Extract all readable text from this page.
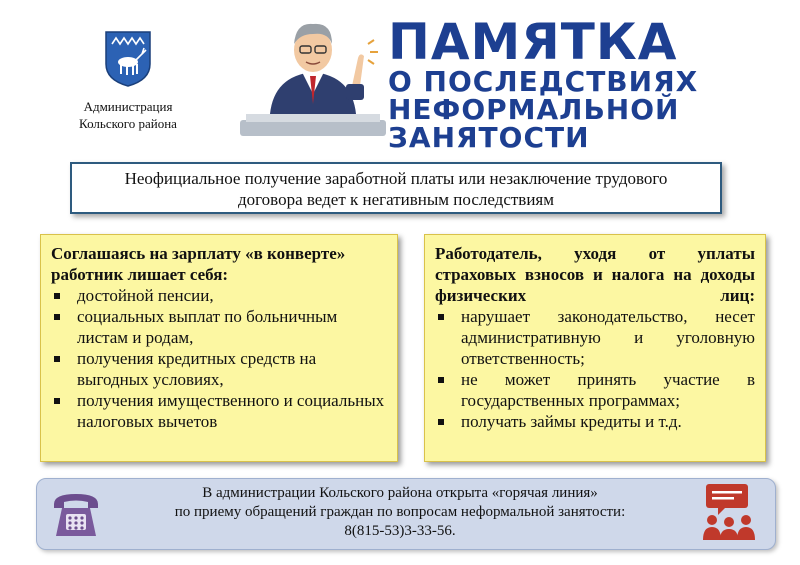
Администрация
Кольского района
ПАМЯТКА
О ПОСЛЕДСТВИЯХ
НЕФОРМАЛЬНОЙ
ЗАНЯТОСТИ
Неофициальное получение заработной платы или незаключение трудового
договора ведет к негативным последствиям
Соглашаясь на зарплату «в конверте» работник лишает себя:
достойной пенсии,
социальных выплат по больничным листам и родам,
получения кредитных средств на выгодных условиях,
получения имущественного и социальных налоговых вычетов
Работодатель, уходя от уплаты страховых взносов и налога на доходы физических лиц:
нарушает законодательство, несет административную и уголовную ответственность;
не может принять участие в государственных программах;
получать займы кредиты и т.д.
В администрации Кольского района открыта «горячая линия»
по приему обращений граждан по вопросам неформальной занятости:
8(815-53)3-33-56.
